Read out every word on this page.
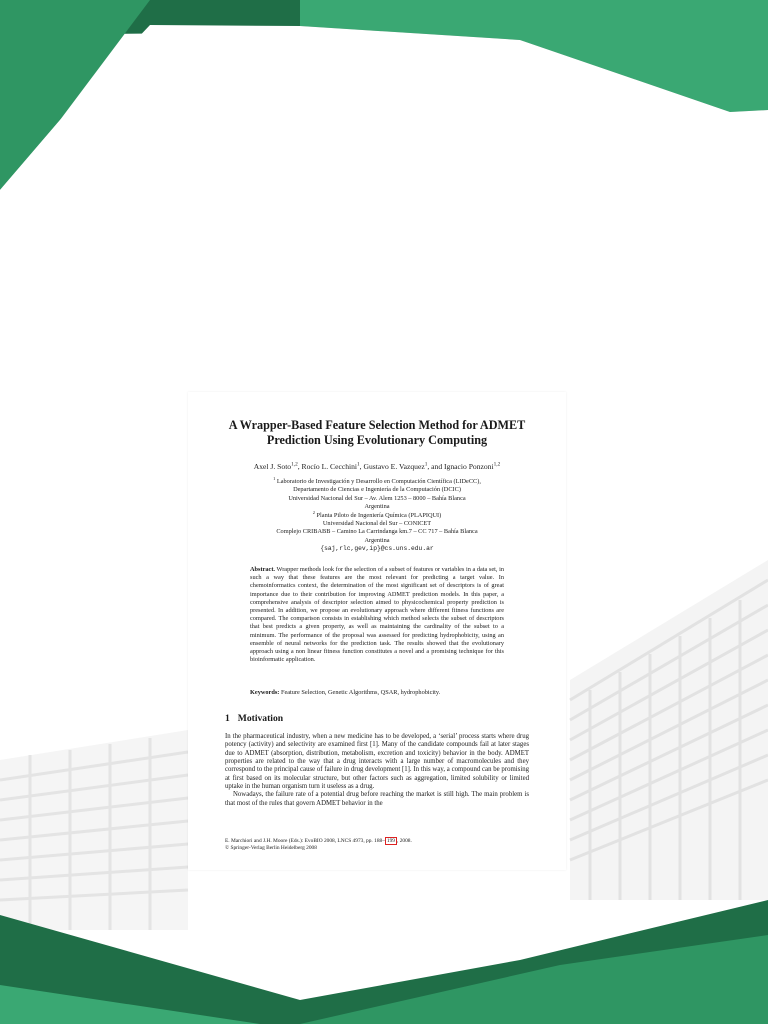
A Wrapper-Based Feature Selection Method for ADMET
Prediction Using Evolutionary Computing
Axel J. Soto$^{1,2}$, Rocío L. Cecchini$^1$, Gustavo E. Vazquez$^1$, and Ignacio Ponzoni$^{1,2}$
$^1$ Laboratorio de Investigación y Desarrollo en Computación Científica (LIDeCC),
Departamento de Ciencias e Ingeniería de la Computación (DCIC)
Universidad Nacional del Sur – Av. Alem 1253 – 8000 – Bahía Blanca
Argentina
$^2$ Planta Piloto de Ingeniería Química (PLAPIQUI)
Universidad Nacional del Sur – CONICET
Complejo CRIBABB – Camino La Carrindanga km.7 – CC 717 – Bahía Blanca
Argentina
{saj,rlc,gev,ip}@cs.uns.edu.ar
Abstract. Wrapper methods look for the selection of a subset of features or variables in a data set, in such a way that these features are the most relevant for predicting a target value. In chemoinformatics context, the determination of the most significant set of descriptors is of great importance due to their contribution for improving ADMET prediction models. In this paper, a comprehensive analysis of descriptor selection aimed to physicochemical property prediction is presented. In addition, we propose an evolutionary approach where different fitness functions are compared. The comparison consists in establishing which method selects the subset of descriptors that best predicts a given property, as well as maintaining the cardinality of the subset to a minimum. The performance of the proposal was assessed for predicting hydrophobicity, using an ensemble of neural networks for the prediction task. The results showed that the evolutionary approach using a non linear fitness function constitutes a novel and a promising technique for this bioinformatic application.
Keywords: Feature Selection, Genetic Algorithms, QSAR, hydrophobicity.
1 Motivation

In the pharmaceutical industry, when a new medicine has to be developed, a ‘serial’ process starts where drug potency (activity) and selectivity are examined first [1]. Many of the candidate compounds fail at later stages due to ADMET (absorption, distribution, metabolism, excretion and toxicity) behavior in the body. ADMET properties are related to the way that a drug interacts with a large number of macromolecules and they correspond to the principal cause of failure in drug development [1]. In this way, a compound can be promising at first based on its molecular structure, but other factors such as aggregation, limited solubility or limited uptake in the human organism turn it useless as a drug.

Nowadays, the failure rate of a potential drug before reaching the market is still high. The main problem is that most of the rules that govern ADMET behavior in the

E. Marchiori and J.H. Moore (Eds.): EvoBIO 2008, LNCS 4973, pp. 188– 199 , 2008.
© Springer-Verlag Berlin Heidelberg 2008
